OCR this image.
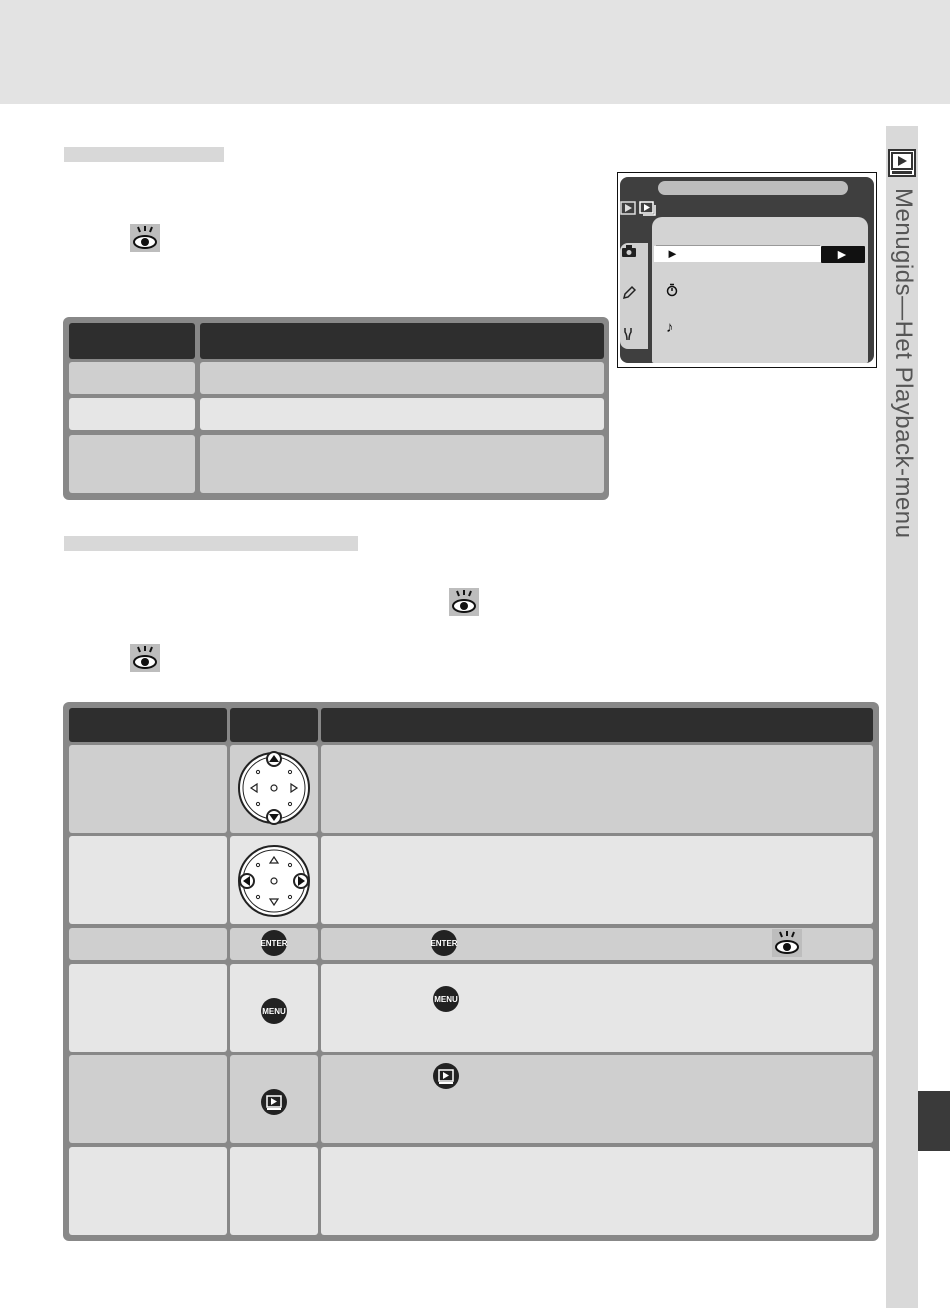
Menugids—Het Playback-menu
►	►
♪
ENTER	ENTER
MENU
MENU
